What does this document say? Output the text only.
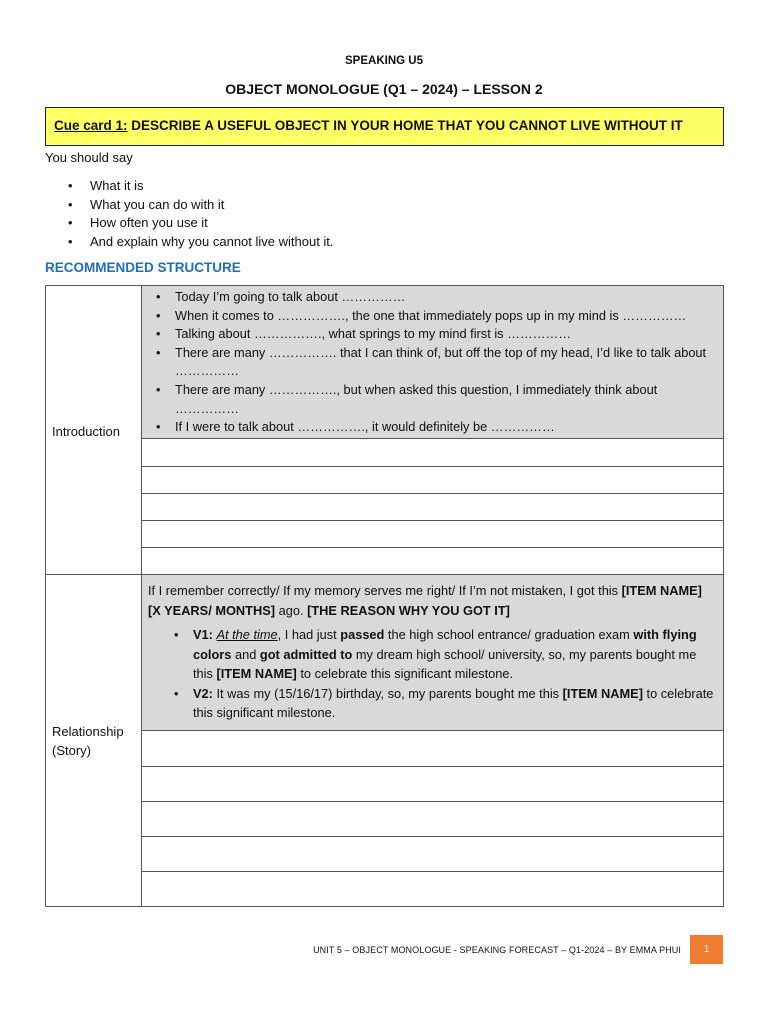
SPEAKING U5
OBJECT MONOLOGUE (Q1 – 2024) – LESSON 2
Cue card 1: DESCRIBE A USEFUL OBJECT IN YOUR HOME THAT YOU CANNOT LIVE WITHOUT IT
You should say
• What it is
• What you can do with it
• How often you use it
• And explain why you cannot live without it.
RECOMMENDED STRUCTURE
• Today I’m going to talk about ……………
• When it comes to ……………., the one that immediately pops up in my mind is ……………
• Talking about ……………., what springs to my mind first is ……………
• There are many ……………. that I can think of, but off the top of my head, I’d like to talk about ……………
• There are many ……………., but when asked this question, I immediately think about ……………
• If I were to talk about ……………., it would definitely be ……………
Introduction

If I remember correctly/ If my memory serves me right/ If I’m not mistaken, I got this [ITEM NAME] [X YEARS/ MONTHS] ago. [THE REASON WHY YOU GOT IT]

• V1: At the time, I had just passed the high school entrance/ graduation exam with flying colors and got admitted to my dream high school/ university, so, my parents bought me this [ITEM NAME] to celebrate this significant milestone.
• V2: It was my (15/16/17) birthday, so, my parents bought me this [ITEM NAME] to celebrate this significant milestone.
Relationship
(Story)
UNIT 5 – OBJECT MONOLOGUE - SPEAKING FORECAST – Q1-2024 – BY EMMA PHUI	1
